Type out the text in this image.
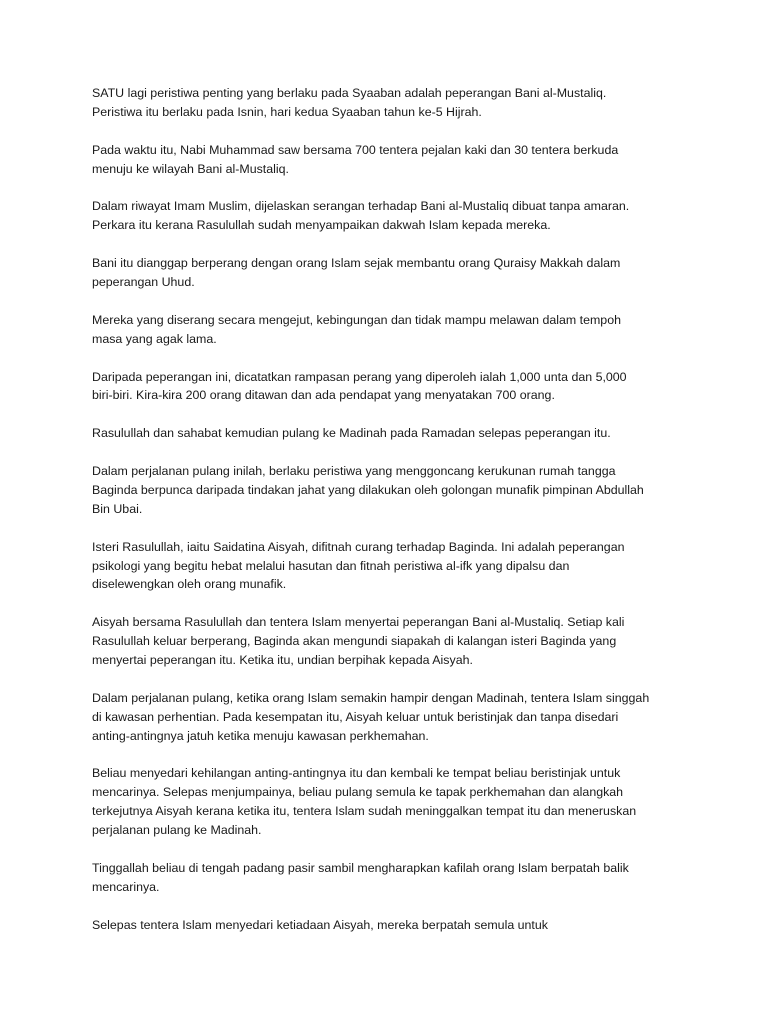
SATU lagi peristiwa penting yang berlaku pada Syaaban adalah peperangan Bani al-Mustaliq.
Peristiwa itu berlaku pada Isnin, hari kedua Syaaban tahun ke-5 Hijrah.

Pada waktu itu, Nabi Muhammad saw bersama 700 tentera pejalan kaki dan 30 tentera berkuda
menuju ke wilayah Bani al-Mustaliq.

Dalam riwayat Imam Muslim, dijelaskan serangan terhadap Bani al-Mustaliq dibuat tanpa amaran.
Perkara itu kerana Rasulullah sudah menyampaikan dakwah Islam kepada mereka.

Bani itu dianggap berperang dengan orang Islam sejak membantu orang Quraisy Makkah dalam
peperangan Uhud.

Mereka yang diserang secara mengejut, kebingungan dan tidak mampu melawan dalam tempoh
masa yang agak lama.

Daripada peperangan ini, dicatatkan rampasan perang yang diperoleh ialah 1,000 unta dan 5,000
biri-biri. Kira-kira 200 orang ditawan dan ada pendapat yang menyatakan 700 orang.

Rasulullah dan sahabat kemudian pulang ke Madinah pada Ramadan selepas peperangan itu.

Dalam perjalanan pulang inilah, berlaku peristiwa yang menggoncang kerukunan rumah tangga
Baginda berpunca daripada tindakan jahat yang dilakukan oleh golongan munafik pimpinan Abdullah
Bin Ubai.

Isteri Rasulullah, iaitu Saidatina Aisyah, difitnah curang terhadap Baginda. Ini adalah peperangan
psikologi yang begitu hebat melalui hasutan dan fitnah peristiwa al-ifk yang dipalsu dan
diselewengkan oleh orang munafik.

Aisyah bersama Rasulullah dan tentera Islam menyertai peperangan Bani al-Mustaliq. Setiap kali
Rasulullah keluar berperang, Baginda akan mengundi siapakah di kalangan isteri Baginda yang
menyertai peperangan itu. Ketika itu, undian berpihak kepada Aisyah.

Dalam perjalanan pulang, ketika orang Islam semakin hampir dengan Madinah, tentera Islam singgah
di kawasan perhentian. Pada kesempatan itu, Aisyah keluar untuk beristinjak dan tanpa disedari
anting-antingnya jatuh ketika menuju kawasan perkhemahan.

Beliau menyedari kehilangan anting-antingnya itu dan kembali ke tempat beliau beristinjak untuk
mencarinya. Selepas menjumpainya, beliau pulang semula ke tapak perkhemahan dan alangkah
terkejutnya Aisyah kerana ketika itu, tentera Islam sudah meninggalkan tempat itu dan meneruskan
perjalanan pulang ke Madinah.

Tinggallah beliau di tengah padang pasir sambil mengharapkan kafilah orang Islam berpatah balik
mencarinya.

Selepas tentera Islam menyedari ketiadaan Aisyah, mereka berpatah semula untuk
